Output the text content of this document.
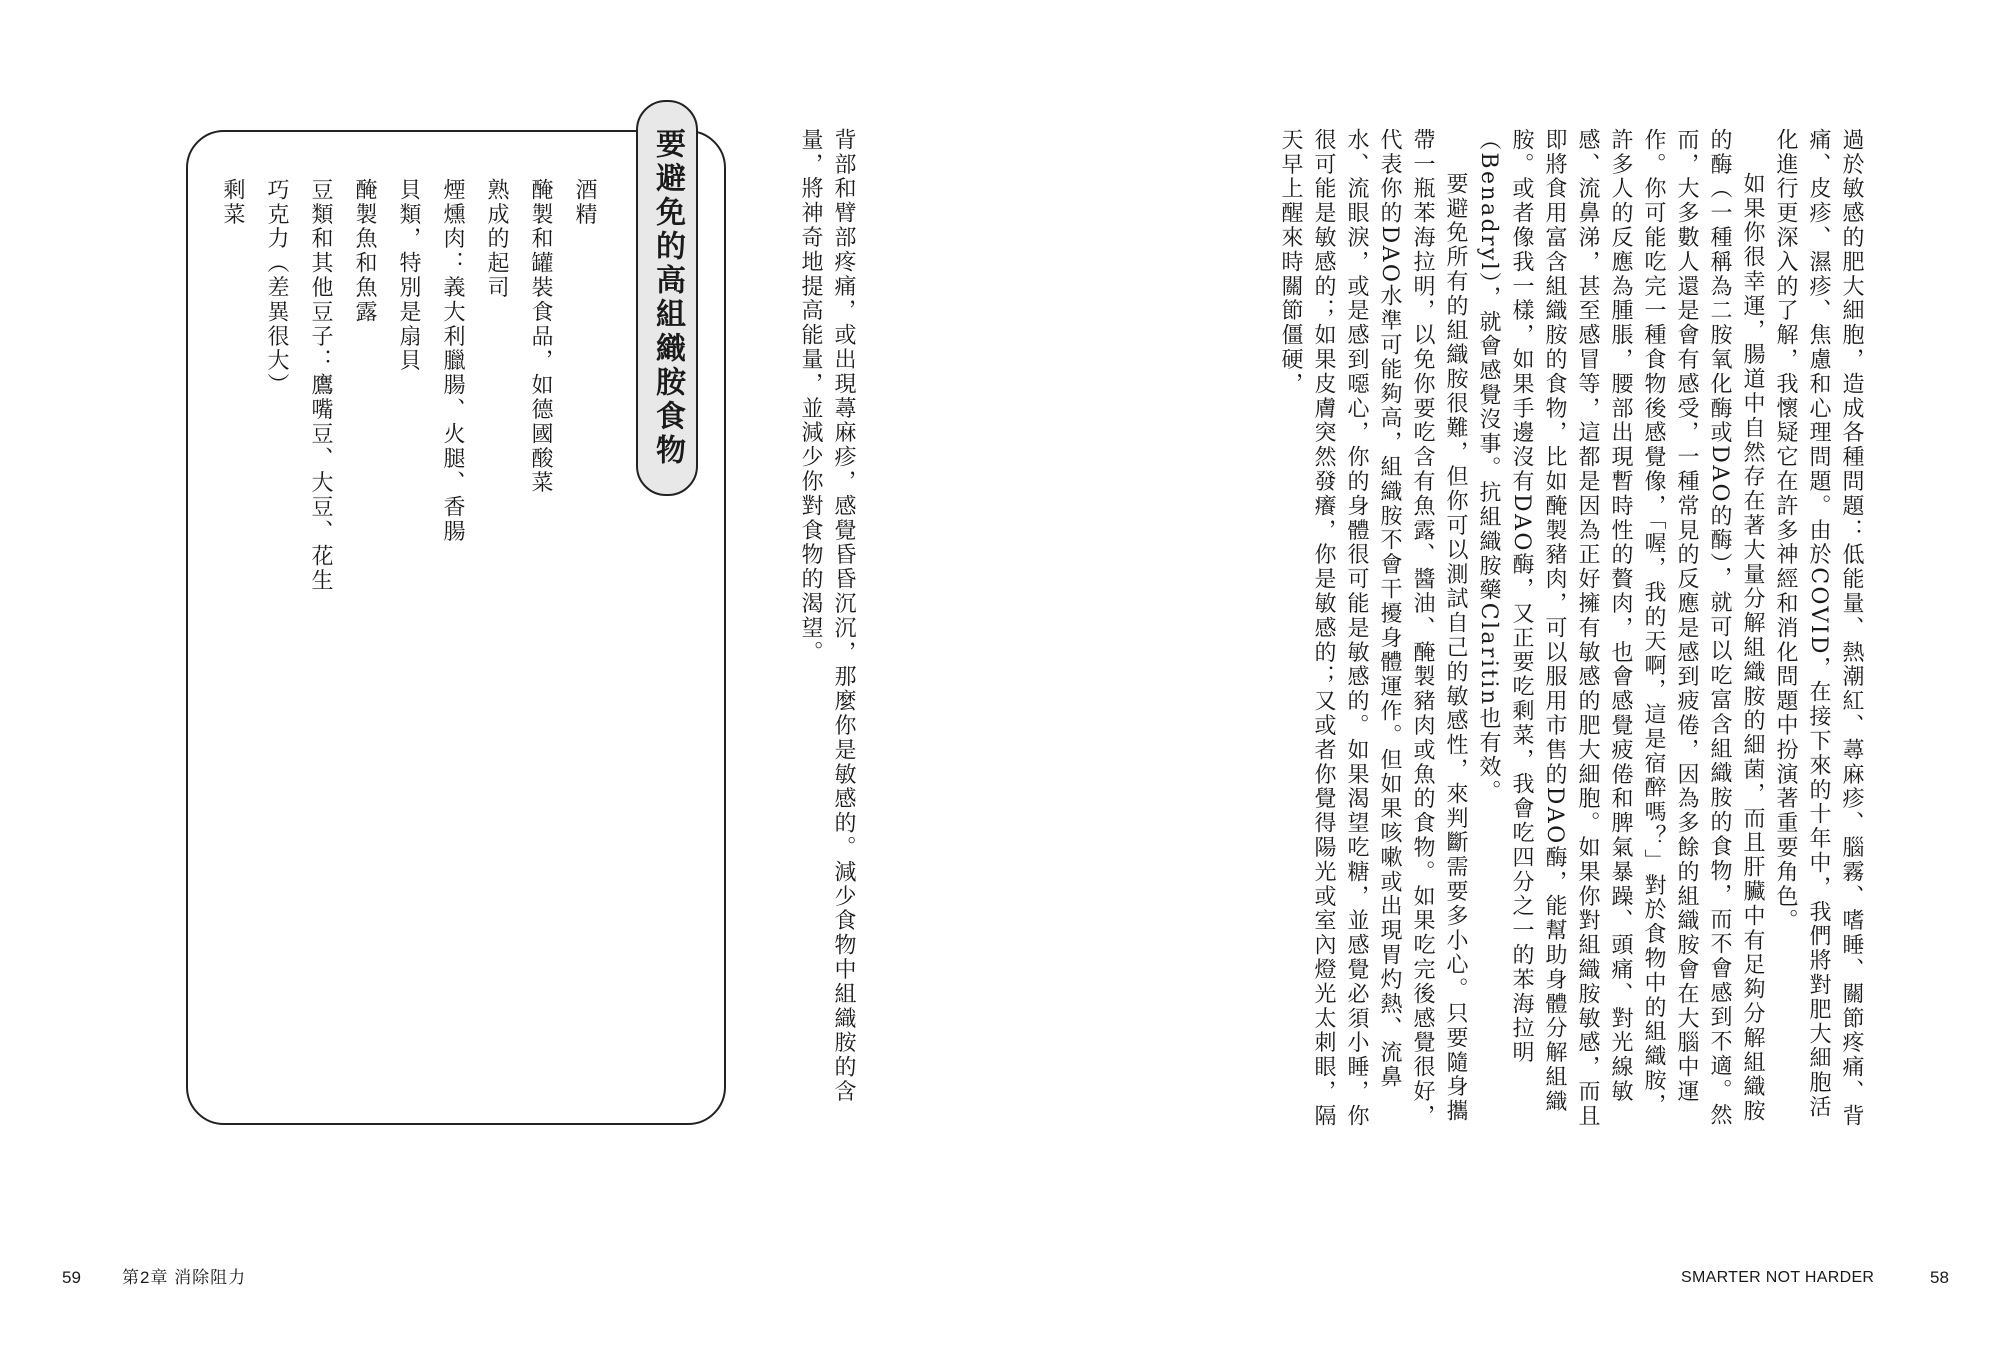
背部和臂部疼痛，或出現蕁麻疹，感覺昏昏沉沉，那麼你是敏感的。減少食物中組織胺的含量，將神奇地提高能量，並減少你對食物的渴望。

要避免的高組織胺食物
酒精
醃製和罐裝食品，如德國酸菜
熟成的起司
煙燻肉：義大利臘腸、火腿、香腸
貝類，特別是扇貝
醃製魚和魚露
豆類和其他豆子：鷹嘴豆、大豆、花生
巧克力（差異很大）
剩菜	過於敏感的肥大細胞，造成各種問題：低能量、熱潮紅、蕁麻疹、腦霧、嗜睡、關節疼痛、背痛、皮疹、濕疹、焦慮和心理問題。由於COVID，在接下來的十年中，我們將對肥大細胞活化進行更深入的了解，我懷疑它在許多神經和消化問題中扮演著重要角色。

如果你很幸運，腸道中自然存在著大量分解組織胺的細菌，而且肝臟中有足夠分解組織胺的酶（一種稱為二胺氧化酶或DAO的酶），就可以吃富含組織胺的食物，而不會感到不適。然而，大多數人還是會有感受，一種常見的反應是感到疲倦，因為多餘的組織胺會在大腦中運作。你可能吃完一種食物後感覺像，「喔，我的天啊，這是宿醉嗎？」對於食物中的組織胺，許多人的反應為腫脹，腰部出現暫時性的贅肉，也會感覺疲倦和脾氣暴躁、頭痛、對光線敏感、流鼻涕，甚至感冒等，這都是因為正好擁有敏感的肥大細胞。如果你對組織胺敏感，而且即將食用富含組織胺的食物，比如醃製豬肉，可以服用市售的DAO酶，能幫助身體分解組織胺。或者像我一樣，如果手邊沒有DAO酶，又正要吃剩菜，我會吃四分之一的苯海拉明（Benadryl），就會感覺沒事。抗組織胺藥Claritin也有效。

要避免所有的組織胺很難，但你可以測試自己的敏感性，來判斷需要多小心。只要隨身攜帶一瓶苯海拉明，以免你要吃含有魚露、醬油、醃製豬肉或魚的食物。如果吃完後感覺很好，代表你的DAO水準可能夠高，組織胺不會干擾身體運作。但如果咳嗽或出現胃灼熱、流鼻水、流眼淚，或是感到噁心，你的身體很可能是敏感的。如果渴望吃糖，並感覺必須小睡，你很可能是敏感的；如果皮膚突然發癢，你是敏感的；又或者你覺得陽光或室內燈光太刺眼，隔天早上醒來時關節僵硬，

59 第2章 消除阻力	SMARTER NOT HARDER	58
